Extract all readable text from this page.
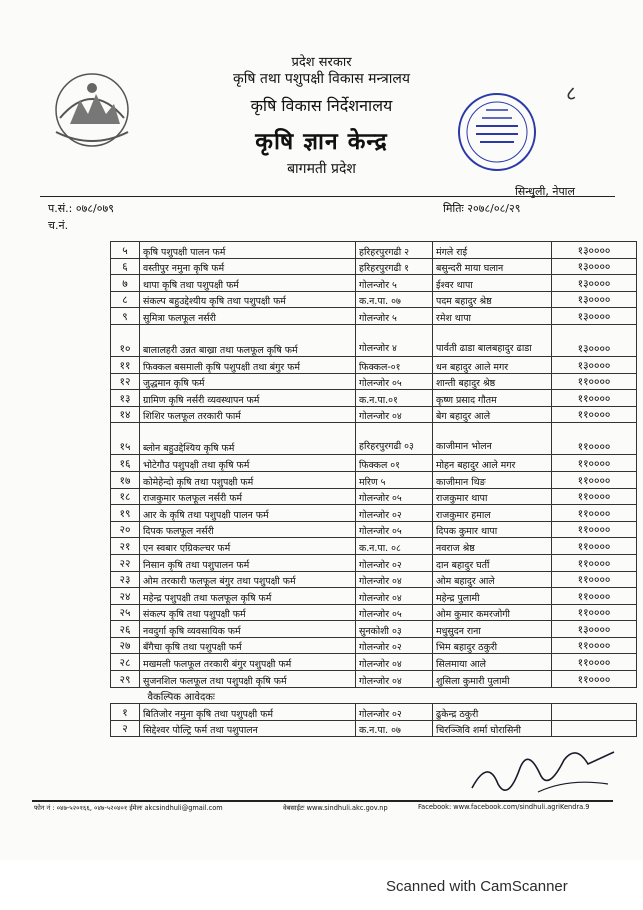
८
प्रदेश सरकार
कृषि तथा पशुपक्षी विकास मन्त्रालय
कृषि विकास निर्देशनालय
कृषि ज्ञान केन्द्र
बागमती प्रदेश
सिन्धुली, नेपाल
प.सं.: ०७८/०७९	मितिः २०७८/०८/२९
च.नं.
५	कृषि पशुपक्षी पालन फर्म	हरिहरपुरगढी २	मंगले राई	१३००००
६	वस्तीपुर नमुना कृषि फर्म	हरिहरपुरगढी १	बसुन्दरी माया घलान	१३००००
७	थापा कृषि तथा पशुपक्षी फर्म	गोलन्जोर ५	ईश्वर थापा	१३००००
८	संकल्प बहुउद्देश्यीय कृषि तथा पशुपक्षी फर्म	क.न.पा. ०७	पदम बहादुर श्रेष्ठ	१३००००
९	सुमित्रा फलफूल नर्सरी	गोलन्जोर ५	रमेश थापा	१३००००
१०	बालालहरी उन्नत बाख्रा तथा फलफूल कृषि फर्म	गोलन्जोर ४	पार्वती ढाडा बालबहादुर ढाडा	१३००००
११	फिक्कल बसमाली कृषि पशुपक्षी तथा बंगुर फर्म	फिक्कल-०१	धन बहादुर आले मगर	१३००००
१२	जुद्धमान कृषि फर्म	गोलन्जोर ०५	शान्ती बहादुर श्रेष्ठ	११००००
१३	ग्रामिण कृषि नर्सरी व्यवस्थापन फर्म	क.न.पा.०१	कृष्ण प्रसाद गौतम	११००००
१४	शिशिर फलफूल तरकारी फार्म	गोलन्जोर ०४	बेग बहादुर आले	११००००
१५	ब्लोन बहुउद्देश्यिय कृषि फर्म	हरिहरपुरगढी ०३	काजीमान भोलन	११००००
१६	भोटेगौउ पशुपक्षी तथा कृषि फर्म	फिक्कल ०१	मोहन बहादुर आले मगर	११००००
१७	कोमेहेन्दो कृषि तथा पशुपक्षी फर्म	मरिण ५	काजीमान थिङ	११००००
१८	राजकुमार फलफूल नर्सरी फर्म	गोलन्जोर ०५	राजकुमार थापा	११००००
१९	आर के कृषि तथा पशुपक्षी पालन फर्म	गोलन्जोर ०२	राजकुमार हमाल	११००००
२०	दिपक फलफूल नर्सरी	गोलन्जोर ०५	दिपक कुमार थापा	११००००
२१	एन स्वबार एग्रिकल्चर फर्म	क.न.पा. ०८	नवराज श्रेष्ठ	११००००
२२	निसान कृषि तथा पशुपालन फर्म	गोलन्जोर ०२	दान बहादुर घर्ती	११००००
२३	ओम तरकारी फलफूल बंगुर तथा पशुपक्षी फर्म	गोलन्जोर ०४	ओम बहादुर आले	११००००
२४	महेन्द्र पशुपक्षी तथा फलफूल कृषि फर्म	गोलन्जोर ०४	महेन्द्र पुलामी	११००००
२५	संकल्प कृषि तथा पशुपक्षी फर्म	गोलन्जोर ०५	ओम कुमार कमरजोगी	११००००
२६	नवदुर्गा कृषि व्यवसायिक फर्म	सुनकोशी ०३	मधुसुदन राना	१३००००
२७	बँगैचा कृषि तथा पशुपक्षी फर्म	गोलन्जोर ०२	भिम बहादुर ठकुरी	११००००
२८	मखमली फलफूल तरकारी बंगुर पशुपक्षी फर्म	गोलन्जोर ०४	सिलमाया आले	११००००
२९	सुजनशिल फलफूल तथा पशुपक्षी कृषि फर्म	गोलन्जोर ०४	शुसिला कुमारी पुलामी	११००००
	वैकल्पिक आवेदकः			
१	बितिजोर नमुना कृषि तथा पशुपक्षी फर्म	गोलन्जोर ०२	ढुकेन्द्र ठकुरी	
२	सिद्देश्वर पोल्ट्रि फर्म तथा पशुपालन	क.न.पा. ०७	चिरञ्जिवि शर्मा घोरासिनी	
फोन नं : ०४७-५२०१६६, ०४७-५२०४०१ ईमेलः akcsindhuli@gmail.com	वेबसाईटः www.sindhuli.akc.gov.np	Facebook: www.facebook.com/sindhuli.agriKendra.9
Scanned with CamScanner
